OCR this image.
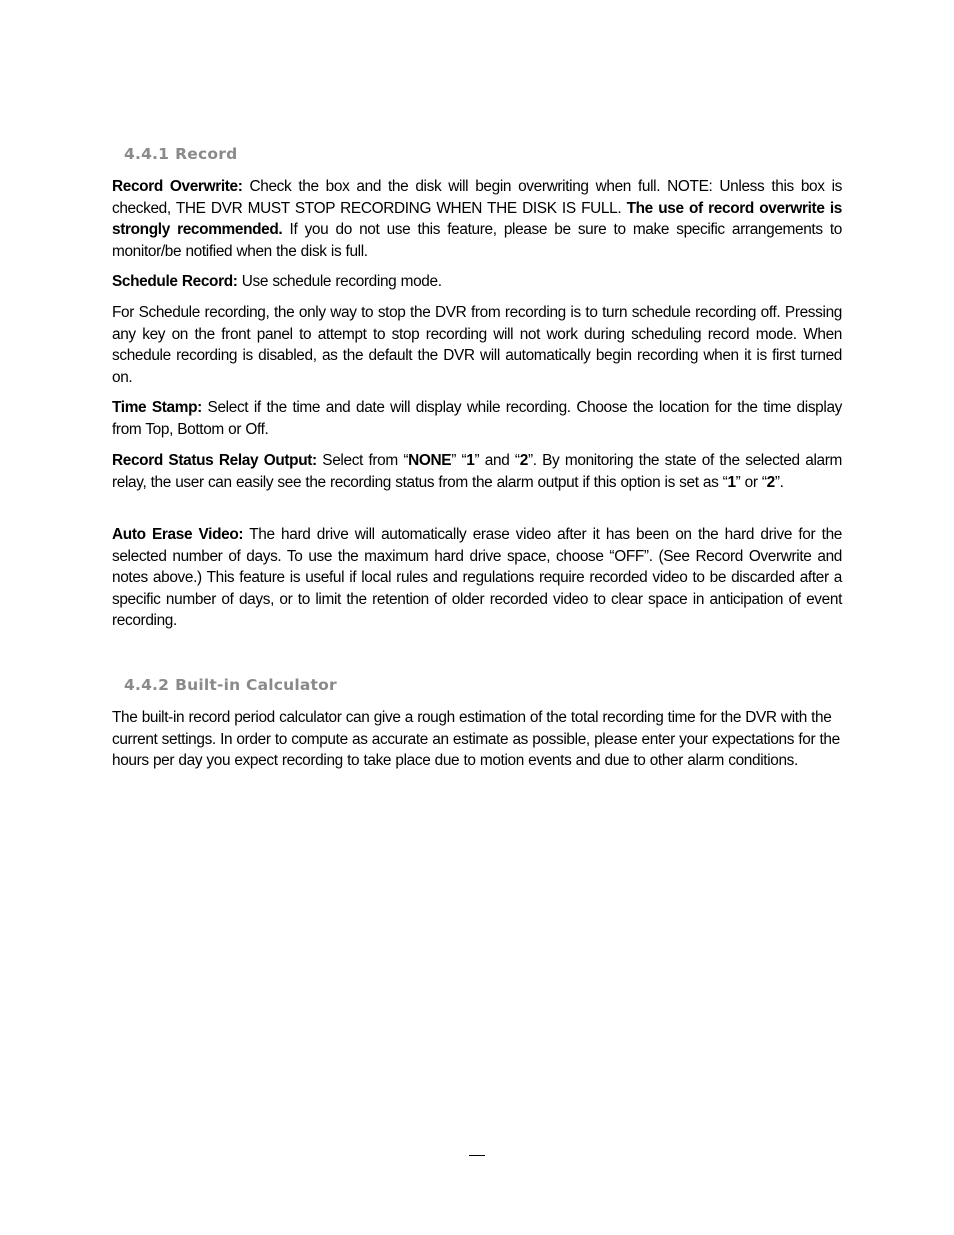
4.4.1 Record

Record Overwrite: Check the box and the disk will begin overwriting when full. NOTE: Unless this box is checked, THE DVR MUST STOP RECORDING WHEN THE DISK IS FULL. The use of record overwrite is strongly recommended. If you do not use this feature, please be sure to make specific arrangements to monitor/be notified when the disk is full.

Schedule Record: Use schedule recording mode.

For Schedule recording, the only way to stop the DVR from recording is to turn schedule recording off. Pressing any key on the front panel to attempt to stop recording will not work during scheduling record mode. When schedule recording is disabled, as the default the DVR will automatically begin recording when it is first turned on.

Time Stamp: Select if the time and date will display while recording. Choose the location for the time display from Top, Bottom or Off.

Record Status Relay Output: Select from “NONE” “1” and “2”. By monitoring the state of the selected alarm relay, the user can easily see the recording status from the alarm output if this option is set as “1” or “2”.

Auto Erase Video: The hard drive will automatically erase video after it has been on the hard drive for the selected number of days. To use the maximum hard drive space, choose “OFF”. (See Record Overwrite and notes above.) This feature is useful if local rules and regulations require recorded video to be discarded after a specific number of days, or to limit the retention of older recorded video to clear space in anticipation of event recording.

4.4.2 Built-in Calculator

The built-in record period calculator can give a rough estimation of the total recording time for the DVR with the current settings. In order to compute as accurate an estimate as possible, please enter your expectations for the hours per day you expect recording to take place due to motion events and due to other alarm conditions.
